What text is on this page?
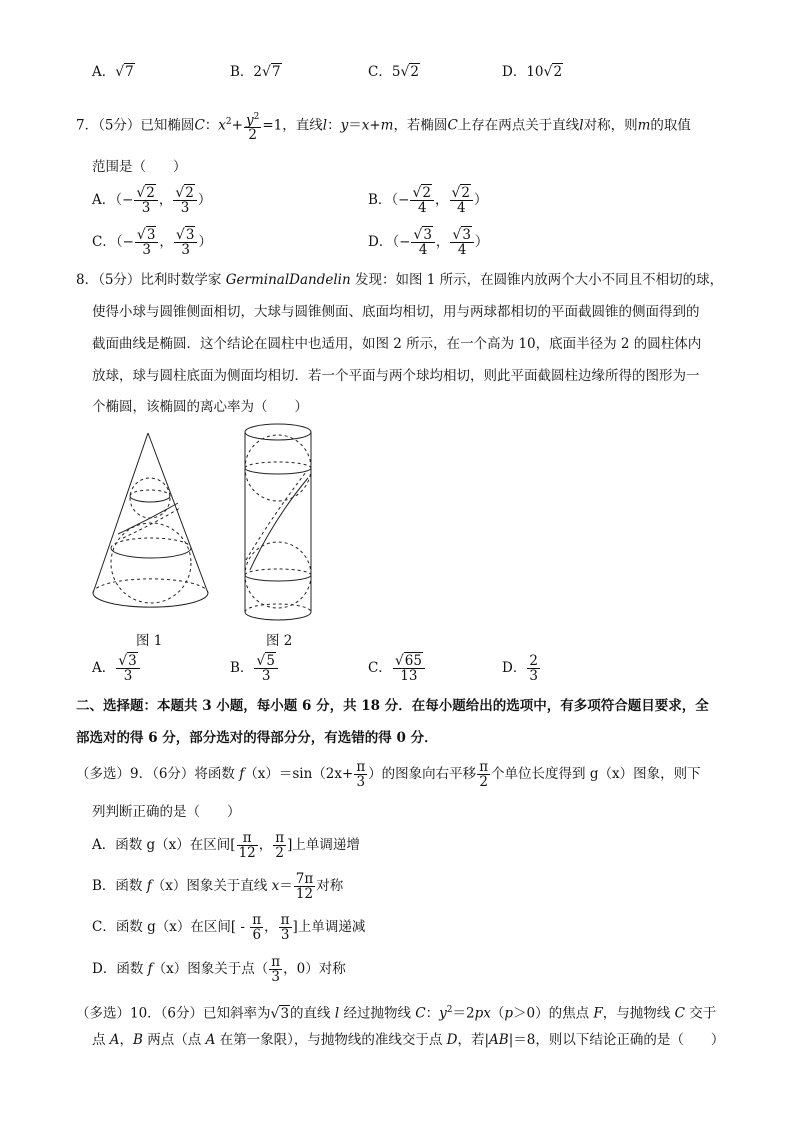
A．√7	B．2√7	C．5√2	D．10√2
7．（5分）已知椭圆C：$x^2+ \frac{y^2}{2} =1$，直线l：y＝x+m，若椭圆C上存在两点关于直线l对称，则m的取值
范围是（　　）
A．（− $\frac{√2}{3}$ ， $\frac{√2}{3}$ ）	B．（− $\frac{√2}{4}$ ， $\frac{√2}{4}$ ）
C．（− $\frac{√3}{3}$ ， $\frac{√3}{3}$ ）	D．（− $\frac{√3}{4}$ ， $\frac{√3}{4}$ ）
8．（5分）比利时数学家 GerminalDandelin 发现：如图 1 所示，在圆锥内放两个大小不同且不相切的球，
使得小球与圆锥侧面相切，大球与圆锥侧面、底面均相切，用与两球都相切的平面截圆锥的侧面得到的
截面曲线是椭圆．这个结论在圆柱中也适用，如图 2 所示，在一个高为 10，底面半径为 2 的圆柱体内
放球，球与圆柱底面为侧面均相切．若一个平面与两个球均相切，则此平面截圆柱边缘所得的图形为一
个椭圆，该椭圆的离心率为（　　）
图 1	图 2
A． $\frac{√3}{3}$	B． $\frac{√5}{3}$	C． $\frac{√65}{13}$	D． $\frac{2}{3}$
二、选择题：本题共 3 小题，每小题 6 分，共 18 分．在每小题给出的选项中，有多项符合题目要求，全
部选对的得 6 分，部分选对的得部分分，有选错的得 0 分．
（多选）9．（6分）将函数 $f(x)=\sin(2x+ \frac{\pi}{3}$ ）的图象向右平移 $\frac{\pi}{2}$ 个单位长度得到 g（x）图象，则下
列判断正确的是（　　）
A．函数 g（x）在区间[ $\frac{\pi}{12}$ ， $\frac{\pi}{2}$ ]上单调递增
B．函数 f（x）图象关于直线 $x= \frac{7\pi}{12}$ 对称
C．函数 g（x）在区间[ - $\frac{\pi}{6}$ ， $\frac{\pi}{3}$ ]上单调递减
D．函数 f（x）图象关于点（ $\frac{\pi}{3}$ ，0）对称
（多选）10．（6分）已知斜率为√3的直线 l 经过抛物线 C：$y^2=2px(p>0)$的焦点 F，与抛物线 C 交于
点 A，B 两点（点 A 在第一象限），与抛物线的准线交于点 D，若|AB|＝8，则以下结论正确的是（　　）
